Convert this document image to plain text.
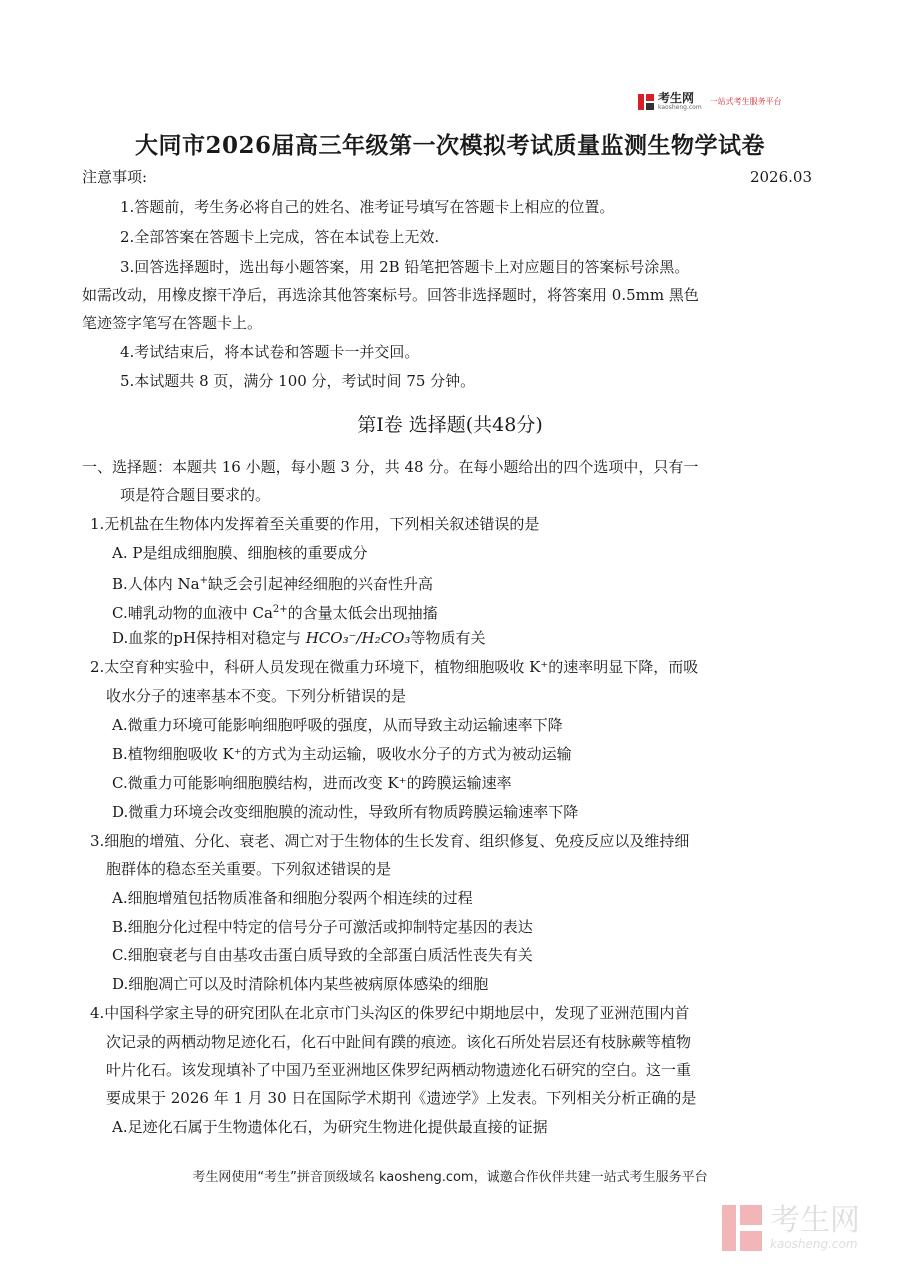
考生网
kaosheng.com
一站式考生服务平台
大同市2026届高三年级第一次模拟考试质量监测生物学试卷
注意事项:	2026.03
1.答题前，考生务必将自己的姓名、准考证号填写在答题卡上相应的位置。
2.全部答案在答题卡上完成，答在本试卷上无效.
3.回答选择题时，选出每小题答案，用 2B 铅笔把答题卡上对应题目的答案标号涂黑。
如需改动，用橡皮擦干净后，再选涂其他答案标号。回答非选择题时，将答案用 0.5mm 黑色
笔迹签字笔写在答题卡上。
4.考试结束后，将本试卷和答题卡一并交回。
5.本试题共 8 页，满分 100 分，考试时间 75 分钟。
第Ⅰ卷 选择题(共48分)
一、选择题：本题共 16 小题，每小题 3 分，共 48 分。在每小题给出的四个选项中，只有一
项是符合题目要求的。
1.无机盐在生物体内发挥着至关重要的作用，下列相关叙述错误的是
A. P是组成细胞膜、细胞核的重要成分
B.人体内 Na+缺乏会引起神经细胞的兴奋性升高
C.哺乳动物的血液中 $Ca^{2+}$的含量太低会出现抽搐
D.血浆的pH保持相对稳定与 HCO₃⁻/H₂CO₃等物质有关
2.太空育种实验中，科研人员发现在微重力环境下，植物细胞吸收 K⁺的速率明显下降，而吸
收水分子的速率基本不变。下列分析错误的是
A.微重力环境可能影响细胞呼吸的强度，从而导致主动运输速率下降
B.植物细胞吸收 K⁺的方式为主动运输，吸收水分子的方式为被动运输
C.微重力可能影响细胞膜结构，进而改变 K⁺的跨膜运输速率
D.微重力环境会改变细胞膜的流动性，导致所有物质跨膜运输速率下降
3.细胞的增殖、分化、衰老、凋亡对于生物体的生长发育、组织修复、免疫反应以及维持细
胞群体的稳态至关重要。下列叙述错误的是
A.细胞增殖包括物质准备和细胞分裂两个相连续的过程
B.细胞分化过程中特定的信号分子可激活或抑制特定基因的表达
C.细胞衰老与自由基攻击蛋白质导致的全部蛋白质活性丧失有关
D.细胞凋亡可以及时清除机体内某些被病原体感染的细胞
4.中国科学家主导的研究团队在北京市门头沟区的侏罗纪中期地层中，发现了亚洲范围内首
次记录的两栖动物足迹化石，化石中趾间有蹼的痕迹。该化石所处岩层还有枝脉蕨等植物
叶片化石。该发现填补了中国乃至亚洲地区侏罗纪两栖动物遗迹化石研究的空白。这一重
要成果于 2026 年 1 月 30 日在国际学术期刊《遗迹学》上发表。下列相关分析正确的是
A.足迹化石属于生物遗体化石，为研究生物进化提供最直接的证据
考生网使用“考生”拼音顶级域名 kaosheng.com，诚邀合作伙伴共建一站式考生服务平台
考生网
kaosheng.com
